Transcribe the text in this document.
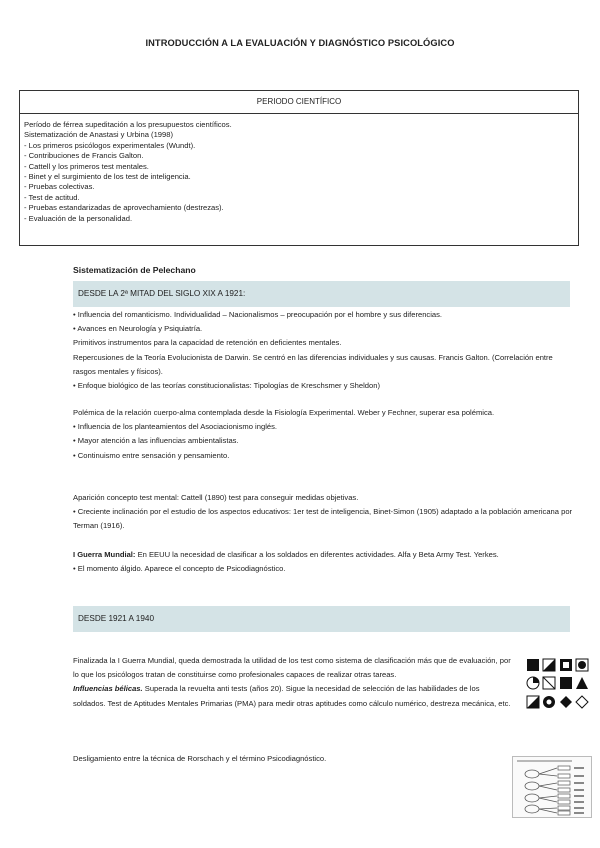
INTRODUCCIÓN A LA EVALUACIÓN Y DIAGNÓSTICO PSICOLÓGICO
PERIODO CIENTÍFICO
Período de férrea supeditación a los presupuestos científicos.
Sistematización de Anastasi y Urbina (1998)
- Los primeros psicólogos experimentales (Wundt).
- Contribuciones de Francis Galton.
- Cattell y los primeros test mentales.
- Binet y el surgimiento de los test de inteligencia.
- Pruebas colectivas.
- Test de actitud.
- Pruebas estandarizadas de aprovechamiento (destrezas).
- Evaluación de la personalidad.
Sistematización de Pelechano
DESDE LA 2ª MITAD DEL SIGLO XIX A 1921:

• Influencia del romanticismo. Individualidad – Nacionalismos – preocupación por el hombre y sus diferencias.

• Avances en Neurología y Psiquiatría.

Primitivos instrumentos para la capacidad de retención en deficientes mentales.

Repercusiones de la Teoría Evolucionista de Darwin. Se centró en las diferencias individuales y sus causas. Francis Galton. (Correlación entre rasgos mentales y físicos).

• Enfoque biológico de las teorías constitucionalistas: Tipologías de Kreschsmer y Sheldon)

Polémica de la relación cuerpo-alma contemplada desde la Fisiología Experimental. Weber y Fechner, superar esa polémica.

• Influencia de los planteamientos del Asociacionismo inglés.

• Mayor atención a las influencias ambientalistas.

• Continuismo entre sensación y pensamiento.

Aparición concepto test mental: Cattell (1890) test para conseguir medidas objetivas.

• Creciente inclinación por el estudio de los aspectos educativos: 1er test de inteligencia, Binet-Simon (1905) adaptado a la población americana por Terman (1916).

I Guerra Mundial: En EEUU la necesidad de clasificar a los soldados en diferentes actividades. Alfa y Beta Army Test. Yerkes.

• El momento álgido. Aparece el concepto de Psicodiagnóstico.

DESDE 1921 A 1940

Finalizada la I Guerra Mundial, queda demostrada la utilidad de los test como sistema de clasificación más que de evaluación, por lo que los psicólogos tratan de constituirse como profesionales capaces de realizar otras tareas.

Influencias bélicas. Superada la revuelta anti tests (años 20). Sigue la necesidad de selección de las habilidades de los soldados. Test de Aptitudes Mentales Primarias (PMA) para medir otras aptitudes como cálculo numérico, destreza mecánica, etc.

Desligamiento entre la técnica de Rorschach y el término Psicodiagnóstico.
